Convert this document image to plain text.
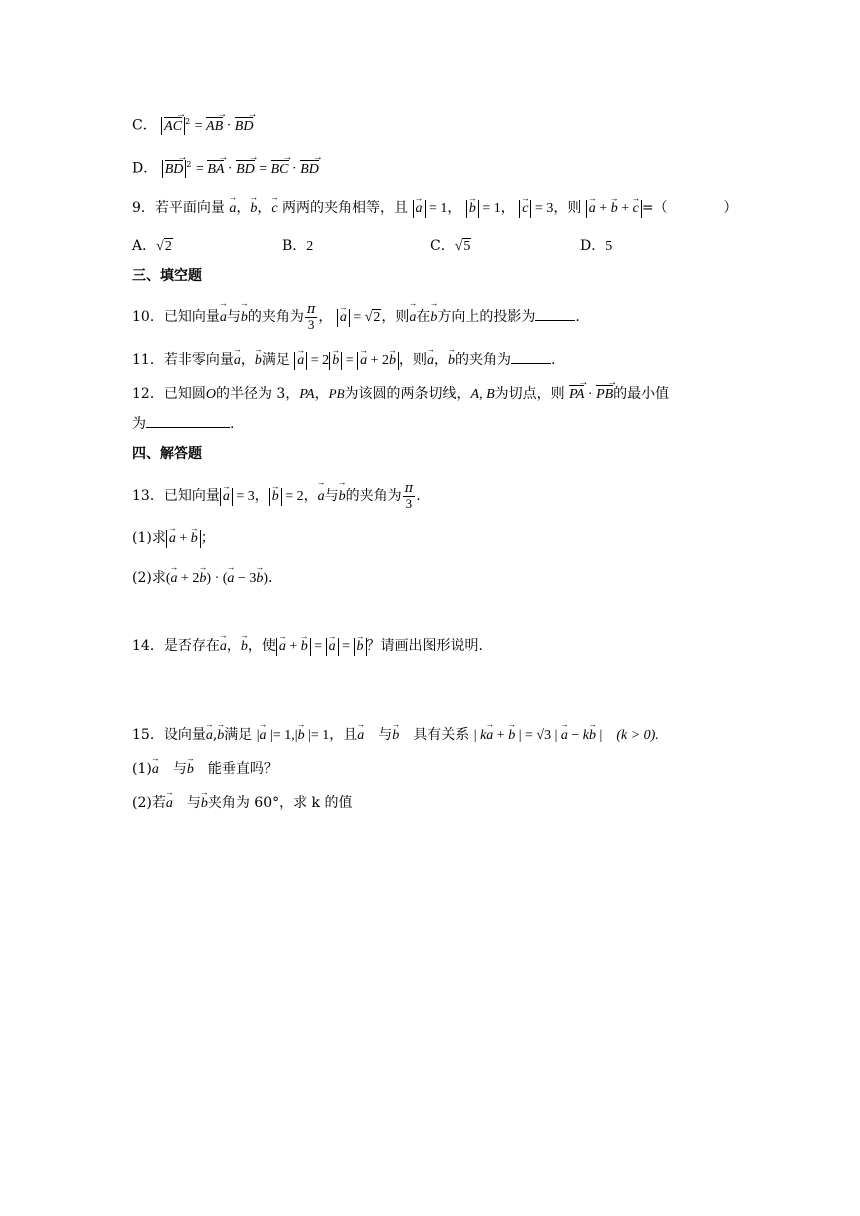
C． AC → $^2$ = AB → · BD →
D． BD → $^2$ = BA → · BD → = BC → · BD →
9．若平面向量 → a，→ b，→ c 两两的夹角相等，且 → a = 1， → b = 1， → c = 3，则 → a + → b + → c =（　　　　）
A．√2	B．2	C．√5	D．5
三、填空题
10．已知向量→ a与→ b的夹角为 $\frac{\pi}{3}$ ， → a = √2，则→ a在→ b方向上的投影为	.
11．若非零向量→ a，→ b满足 → a = 2 → b = → a + 2→ b ，则→ a，→ b的夹角为	.
12．已知圆O的半径为 3，PA，PB为该圆的两条切线，A, B为切点，则 PA → · PB →的最小值
为	.
四、解答题
13．已知向量 → a = 3， → b = 2，→ a与→ b的夹角为 $\frac{\pi}{3}$ .
(1)求 → a + → b ；
(2)求(→ a + 2→ b) · (→ a − 3→ b).
14．是否存在→ a，→ b，使 → a + → b = → a = → b ？请画出图形说明．
15．设向量→ a,→ b满足 |→ a |= 1,|→ b |= 1，且→ a　 与→ b　 具有关系 | k→ a + → b | = √3 | → a − k→ b |　 (k > 0).
(1)→ a　 与→ b　 能垂直吗？
(2)若→ a　 与→ b夹角为 60°，求 k 的值
